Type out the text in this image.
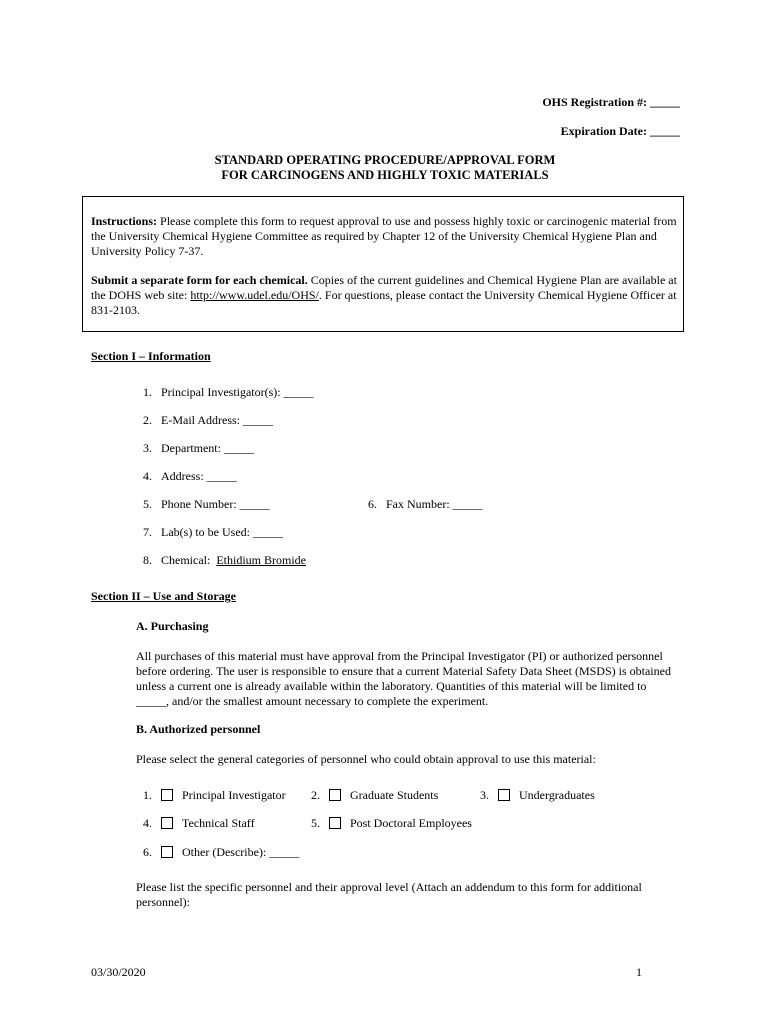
OHS Registration #: _____
Expiration Date: _____
STANDARD OPERATING PROCEDURE/APPROVAL FORM
FOR CARCINOGENS AND HIGHLY TOXIC MATERIALS
Instructions: Please complete this form to request approval to use and possess highly toxic or carcinogenic material from the University Chemical Hygiene Committee as required by Chapter 12 of the University Chemical Hygiene Plan and University Policy 7-37.
Submit a separate form for each chemical. Copies of the current guidelines and Chemical Hygiene Plan are available at the DOHS web site: http://www.udel.edu/OHS/. For questions, please contact the University Chemical Hygiene Officer at 831-2103.
Section I – Information
1. Principal Investigator(s): _____
2. E-Mail Address: _____
3. Department: _____
4. Address: _____
5. Phone Number: _____	6. Fax Number: _____
7. Lab(s) to be Used: _____
8. Chemical: Ethidium Bromide
Section II – Use and Storage
A. Purchasing
All purchases of this material must have approval from the Principal Investigator (PI) or authorized personnel before ordering. The user is responsible to ensure that a current Material Safety Data Sheet (MSDS) is obtained unless a current one is already available within the laboratory. Quantities of this material will be limited to _____, and/or the smallest amount necessary to complete the experiment.
B. Authorized personnel
Please select the general categories of personnel who could obtain approval to use this material:
1.	Principal Investigator 2.	Graduate Students	3.	Undergraduates
4.	Technical Staff	5.	Post Doctoral Employees
6.	Other (Describe): _____
Please list the specific personnel and their approval level (Attach an addendum to this form for additional personnel):
03/30/2020	1
